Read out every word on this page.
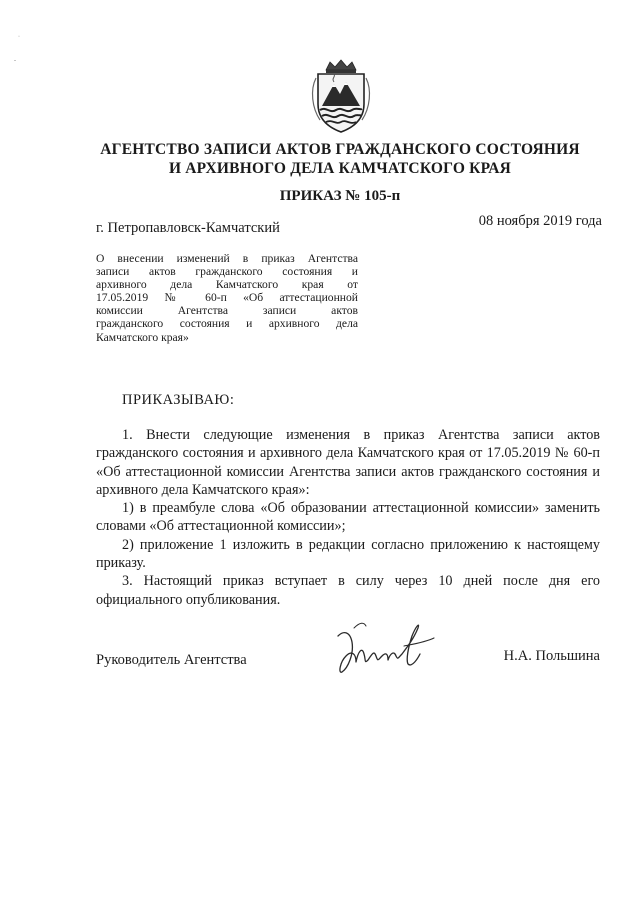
·
-
АГЕНТСТВО ЗАПИСИ АКТОВ ГРАЖДАНСКОГО СОСТОЯНИЯ
И АРХИВНОГО ДЕЛА КАМЧАТСКОГО КРАЯ
ПРИКАЗ № 105-п
г. Петропавловск-Камчатский	08 ноября 2019 года
О внесении изменений в приказ Агентства
записи актов гражданского состояния и
архивного дела Камчатского края от
17.05.2019 № 60-п «Об аттестационной
комиссии Агентства записи актов
гражданского состояния и архивного дела
Камчатского края»
ПРИКАЗЫВАЮ:

1. Внести следующие изменения в приказ Агентства записи актов гражданского состояния и архивного дела Камчатского края от 17.05.2019 № 60-п «Об аттестационной комиссии Агентства записи актов гражданского состояния и архивного дела Камчатского края»:

1) в преамбуле слова «Об образовании аттестационной комиссии» заменить словами «Об аттестационной комиссии»;

2) приложение 1 изложить в редакции согласно приложению к настоящему приказу.

3. Настоящий приказ вступает в силу через 10 дней после дня его официального опубликования.

Руководитель Агентства	Н.А. Польшина
